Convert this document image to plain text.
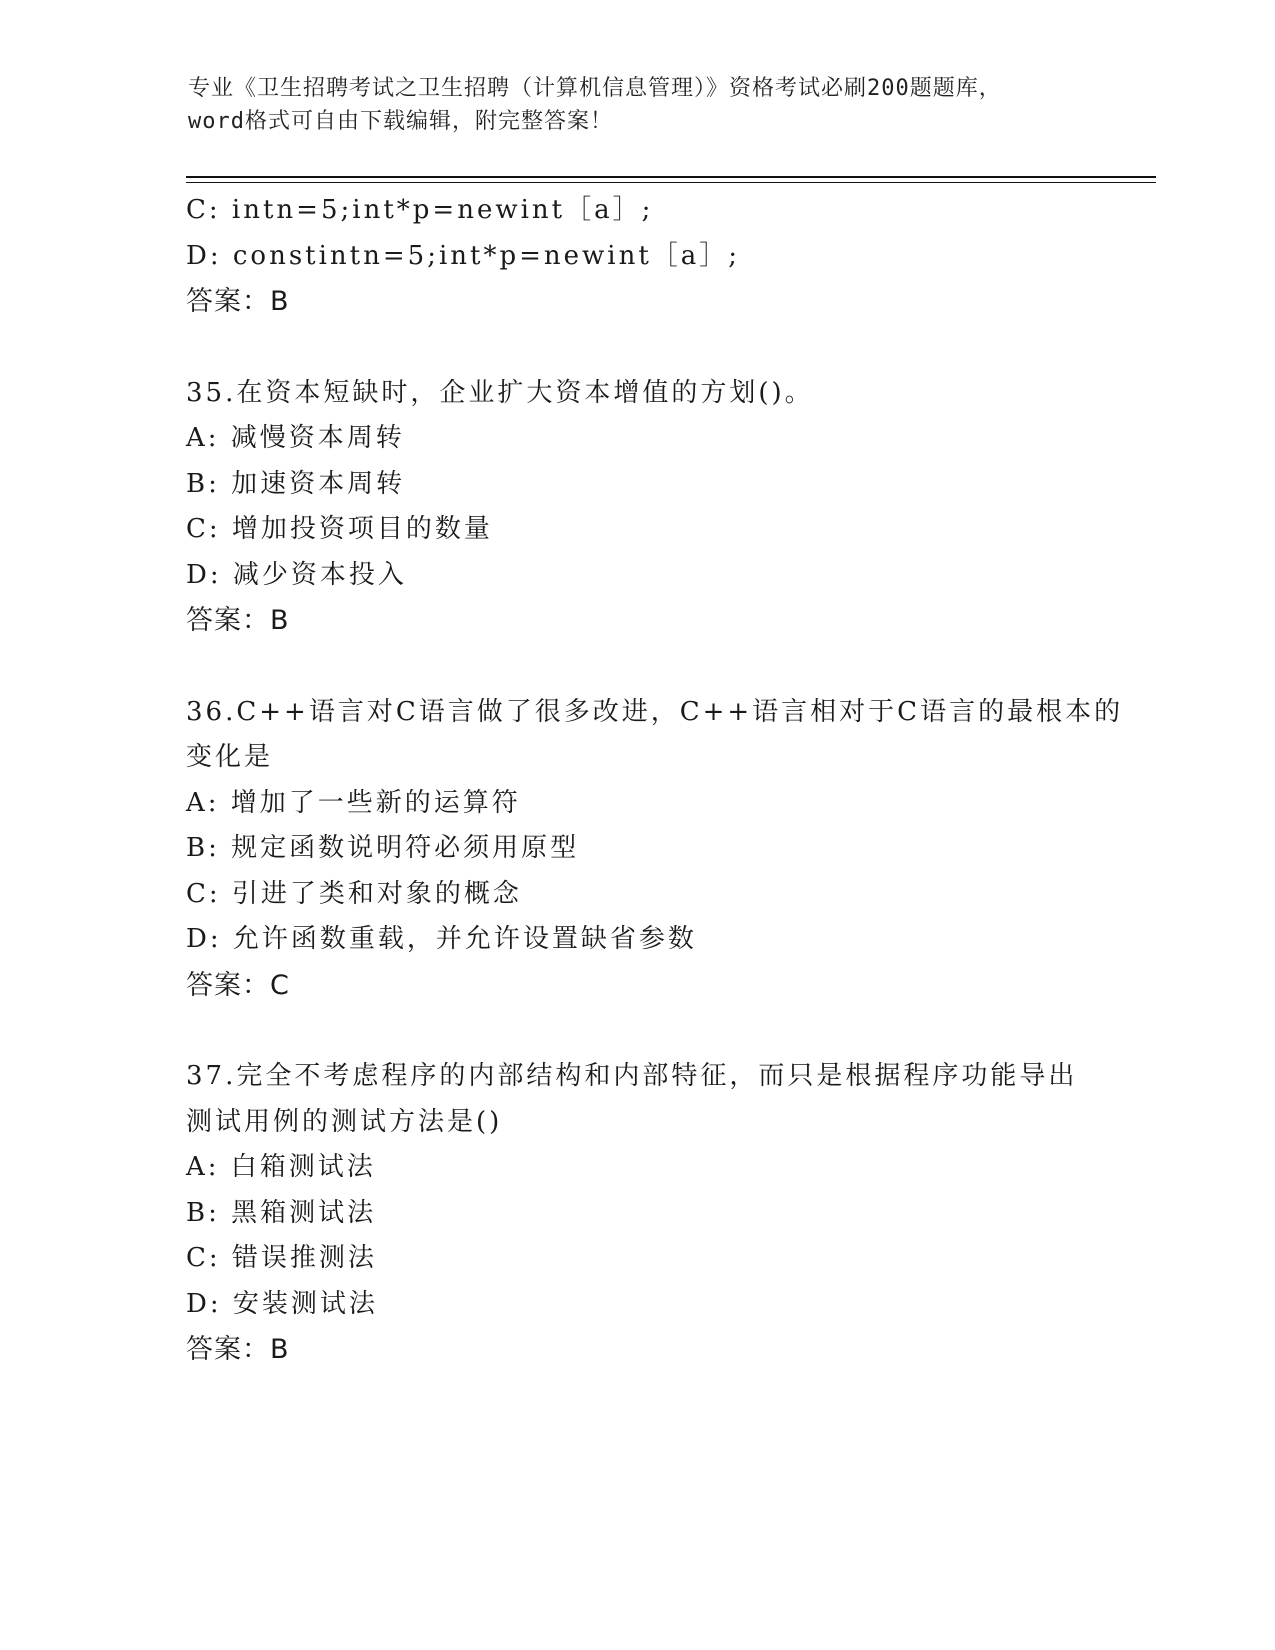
专业《卫生招聘考试之卫生招聘（计算机信息管理）》资格考试必刷200题题库，
word格式可自由下载编辑，附完整答案！
C: intn=5;int*p=newint［a］;
D: constintn=5;int*p=newint［a］;
答案：B
35.在资本短缺时，企业扩大资本增值的方划()。
A: 减慢资本周转
B: 加速资本周转
C: 增加投资项目的数量
D: 减少资本投入
答案：B
36.C++语言对C语言做了很多改进，C++语言相对于C语言的最根本的
变化是
A: 增加了一些新的运算符
B: 规定函数说明符必须用原型
C: 引进了类和对象的概念
D: 允许函数重载，并允许设置缺省参数
答案：C
37.完全不考虑程序的内部结构和内部特征，而只是根据程序功能导出
测试用例的测试方法是()
A: 白箱测试法
B: 黑箱测试法
C: 错误推测法
D: 安装测试法
答案：B
